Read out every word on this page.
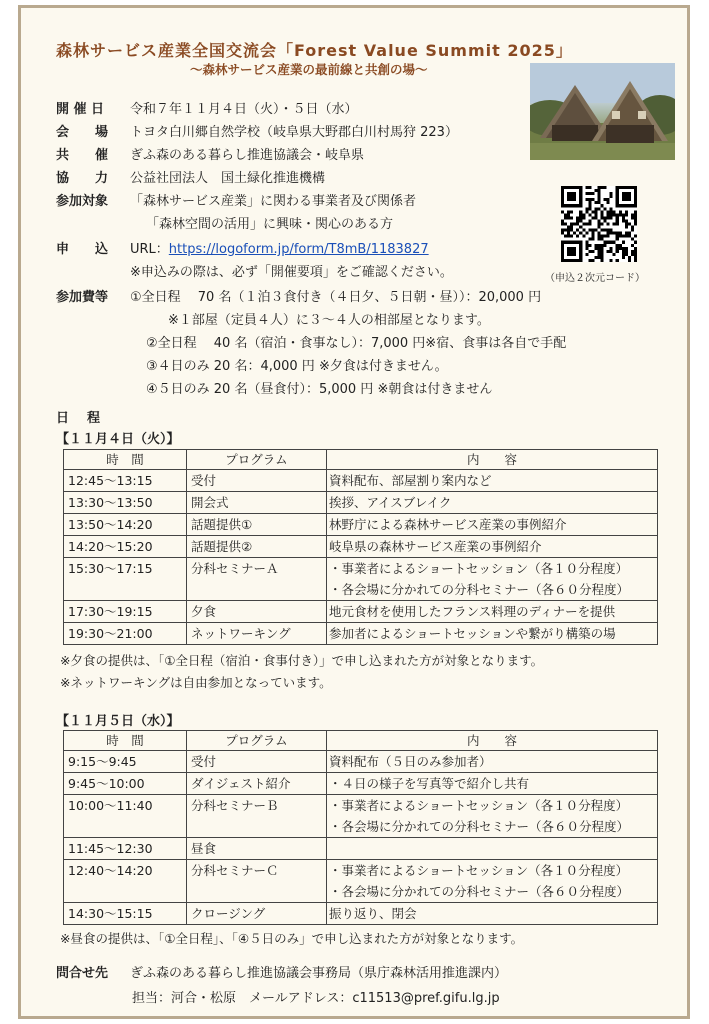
森林サービス産業全国交流会「Forest Value Summit 2025」
～森林サービス産業の最前線と共創の場～
（申込２次元コード）
開 催 日 令和７年１１月４日（火）・５日（水）
会　　場 トヨタ白川郷自然学校（岐阜県大野郡白川村馬狩 223）
共　　催 ぎふ森のある暮らし推進協議会・岐阜県
協　　力 公益社団法人　国土緑化推進機構
参加対象 「森林サービス産業」に関わる事業者及び関係者
「森林空間の活用」に興味・関心のある方
申　　込 URL：https://logoform.jp/form/T8mB/1183827
※申込みの際は、必ず「開催要項」をご確認ください。
参加費等 ①全日程　 70 名（１泊３食付き（４日夕、５日朝・昼））：20,000 円
※１部屋（定員４人）に３～４人の相部屋となります。
②全日程　 40 名（宿泊・食事なし）：7,000 円※宿、食事は各自で手配
③４日のみ 20 名：4,000 円 ※夕食は付きません。
④５日のみ 20 名（昼食付）：5,000 円 ※朝食は付きません
日程
【１１月４日（火）】
時　間	プログラム	内　　容
12:45～13:15	受付	資料配布、部屋割り案内など

13:30～13:50	開会式	挨拶、アイスブレイク

13:50～14:20	話題提供①	林野庁による森林サービス産業の事例紹介

14:20～15:20	話題提供②	岐阜県の森林サービス産業の事例紹介

15:30～17:15	分科セミナーＡ	・事業者によるショートセッション（各１０分程度）
・各会場に分かれての分科セミナー（各６０分程度）

17:30～19:15	夕食	地元食材を使用したフランス料理のディナーを提供

19:30～21:00	ネットワーキング	参加者によるショートセッションや繋がり構築の場
※夕食の提供は、「①全日程（宿泊・食事付き）」で申し込まれた方が対象となります。
※ネットワーキングは自由参加となっています。
【１１月５日（水）】
時　間	プログラム	内　　容
9:15～9:45	受付	資料配布（５日のみ参加者）

9:45～10:00	ダイジェスト紹介	・４日の様子を写真等で紹介し共有

10:00～11:40	分科セミナーＢ	・事業者によるショートセッション（各１０分程度）
・各会場に分かれての分科セミナー（各６０分程度）

11:45～12:30	昼食	

12:40～14:20	分科セミナーＣ	・事業者によるショートセッション（各１０分程度）
・各会場に分かれての分科セミナー（各６０分程度）

14:30～15:15	クロージング	振り返り、閉会
※昼食の提供は、「①全日程」、「④５日のみ」で申し込まれた方が対象となります。
問合せ先 ぎふ森のある暮らし推進協議会事務局（県庁森林活用推進課内）
担当：河合・松原　メールアドレス：c11513@pref.gifu.lg.jp
